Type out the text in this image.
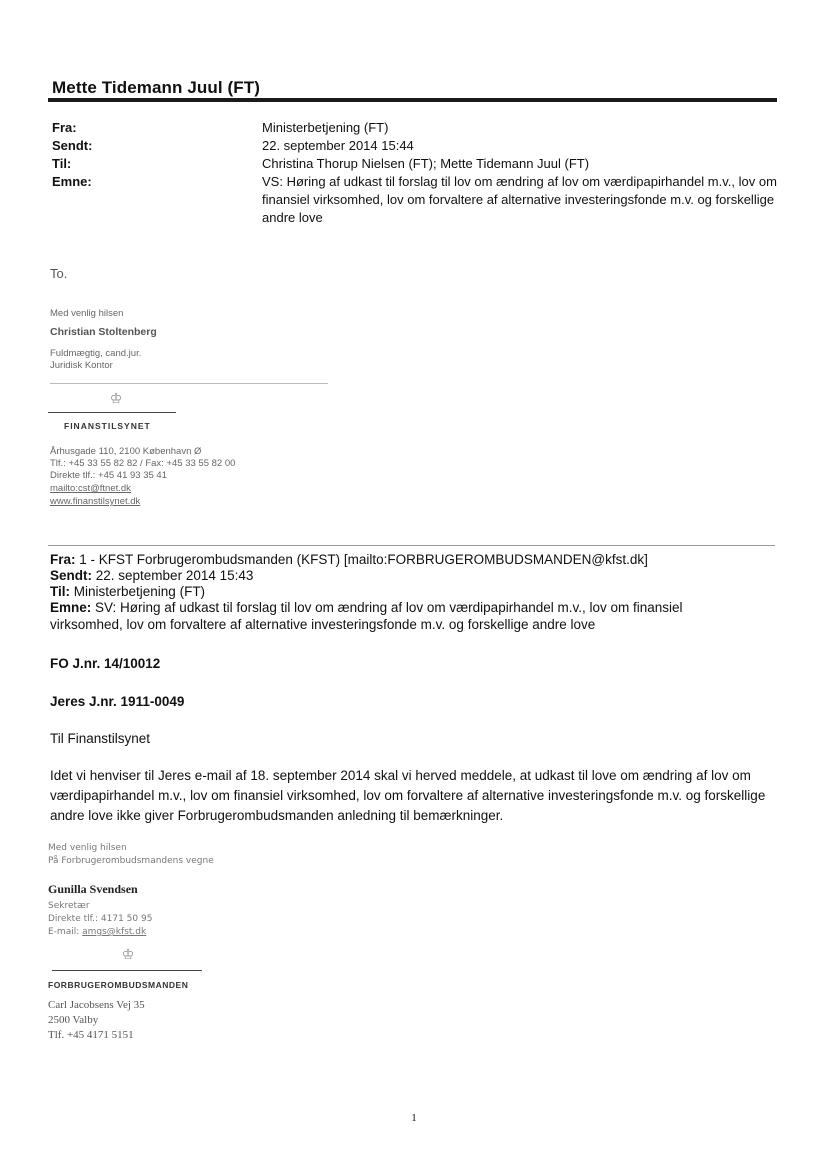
Mette Tidemann Juul (FT)
Fra:	Ministerbetjening (FT)
Sendt:	22. september 2014 15:44
Til:	Christina Thorup Nielsen (FT); Mette Tidemann Juul (FT)
Emne:	VS: Høring af udkast til forslag til lov om ændring af lov om værdipapirhandel m.v., lov om finansiel virksomhed, lov om forvaltere af alternative investeringsfonde m.v. og forskellige andre love
To.
Med venlig hilsen
Christian Stoltenberg
Fuldmægtig, cand.jur.
Juridisk Kontor
♔
FINANSTILSYNET
Århusgade 110, 2100 København Ø
Tlf.: +45 33 55 82 82 / Fax: +45 33 55 82 00
Direkte tlf.: +45 41 93 35 41
mailto:cst@ftnet.dk
www.finanstilsynet.dk
Fra: 1 - KFST Forbrugerombudsmanden (KFST) [mailto:FORBRUGEROMBUDSMANDEN@kfst.dk]
Sendt: 22. september 2014 15:43
Til: Ministerbetjening (FT)
Emne: SV: Høring af udkast til forslag til lov om ændring af lov om værdipapirhandel m.v., lov om finansiel virksomhed, lov om forvaltere af alternative investeringsfonde m.v. og forskellige andre love
FO J.nr. 14/10012
Jeres J.nr. 1911-0049
Til Finanstilsynet
Idet vi henviser til Jeres e-mail af 18. september 2014 skal vi herved meddele, at udkast til love om ændring af lov om værdipapirhandel m.v., lov om finansiel virksomhed, lov om forvaltere af alternative investeringsfonde m.v. og forskellige andre love ikke giver Forbrugerombudsmanden anledning til bemærkninger.
Med venlig hilsen
På Forbrugerombudsmandens vegne
Gunilla Svendsen
Sekretær
Direkte tlf.: 4171 50 95
E-mail: amgs@kfst.dk
♔
FORBRUGEROMBUDSMANDEN
Carl Jacobsens Vej 35
2500 Valby
Tlf. +45 4171 5151
1
